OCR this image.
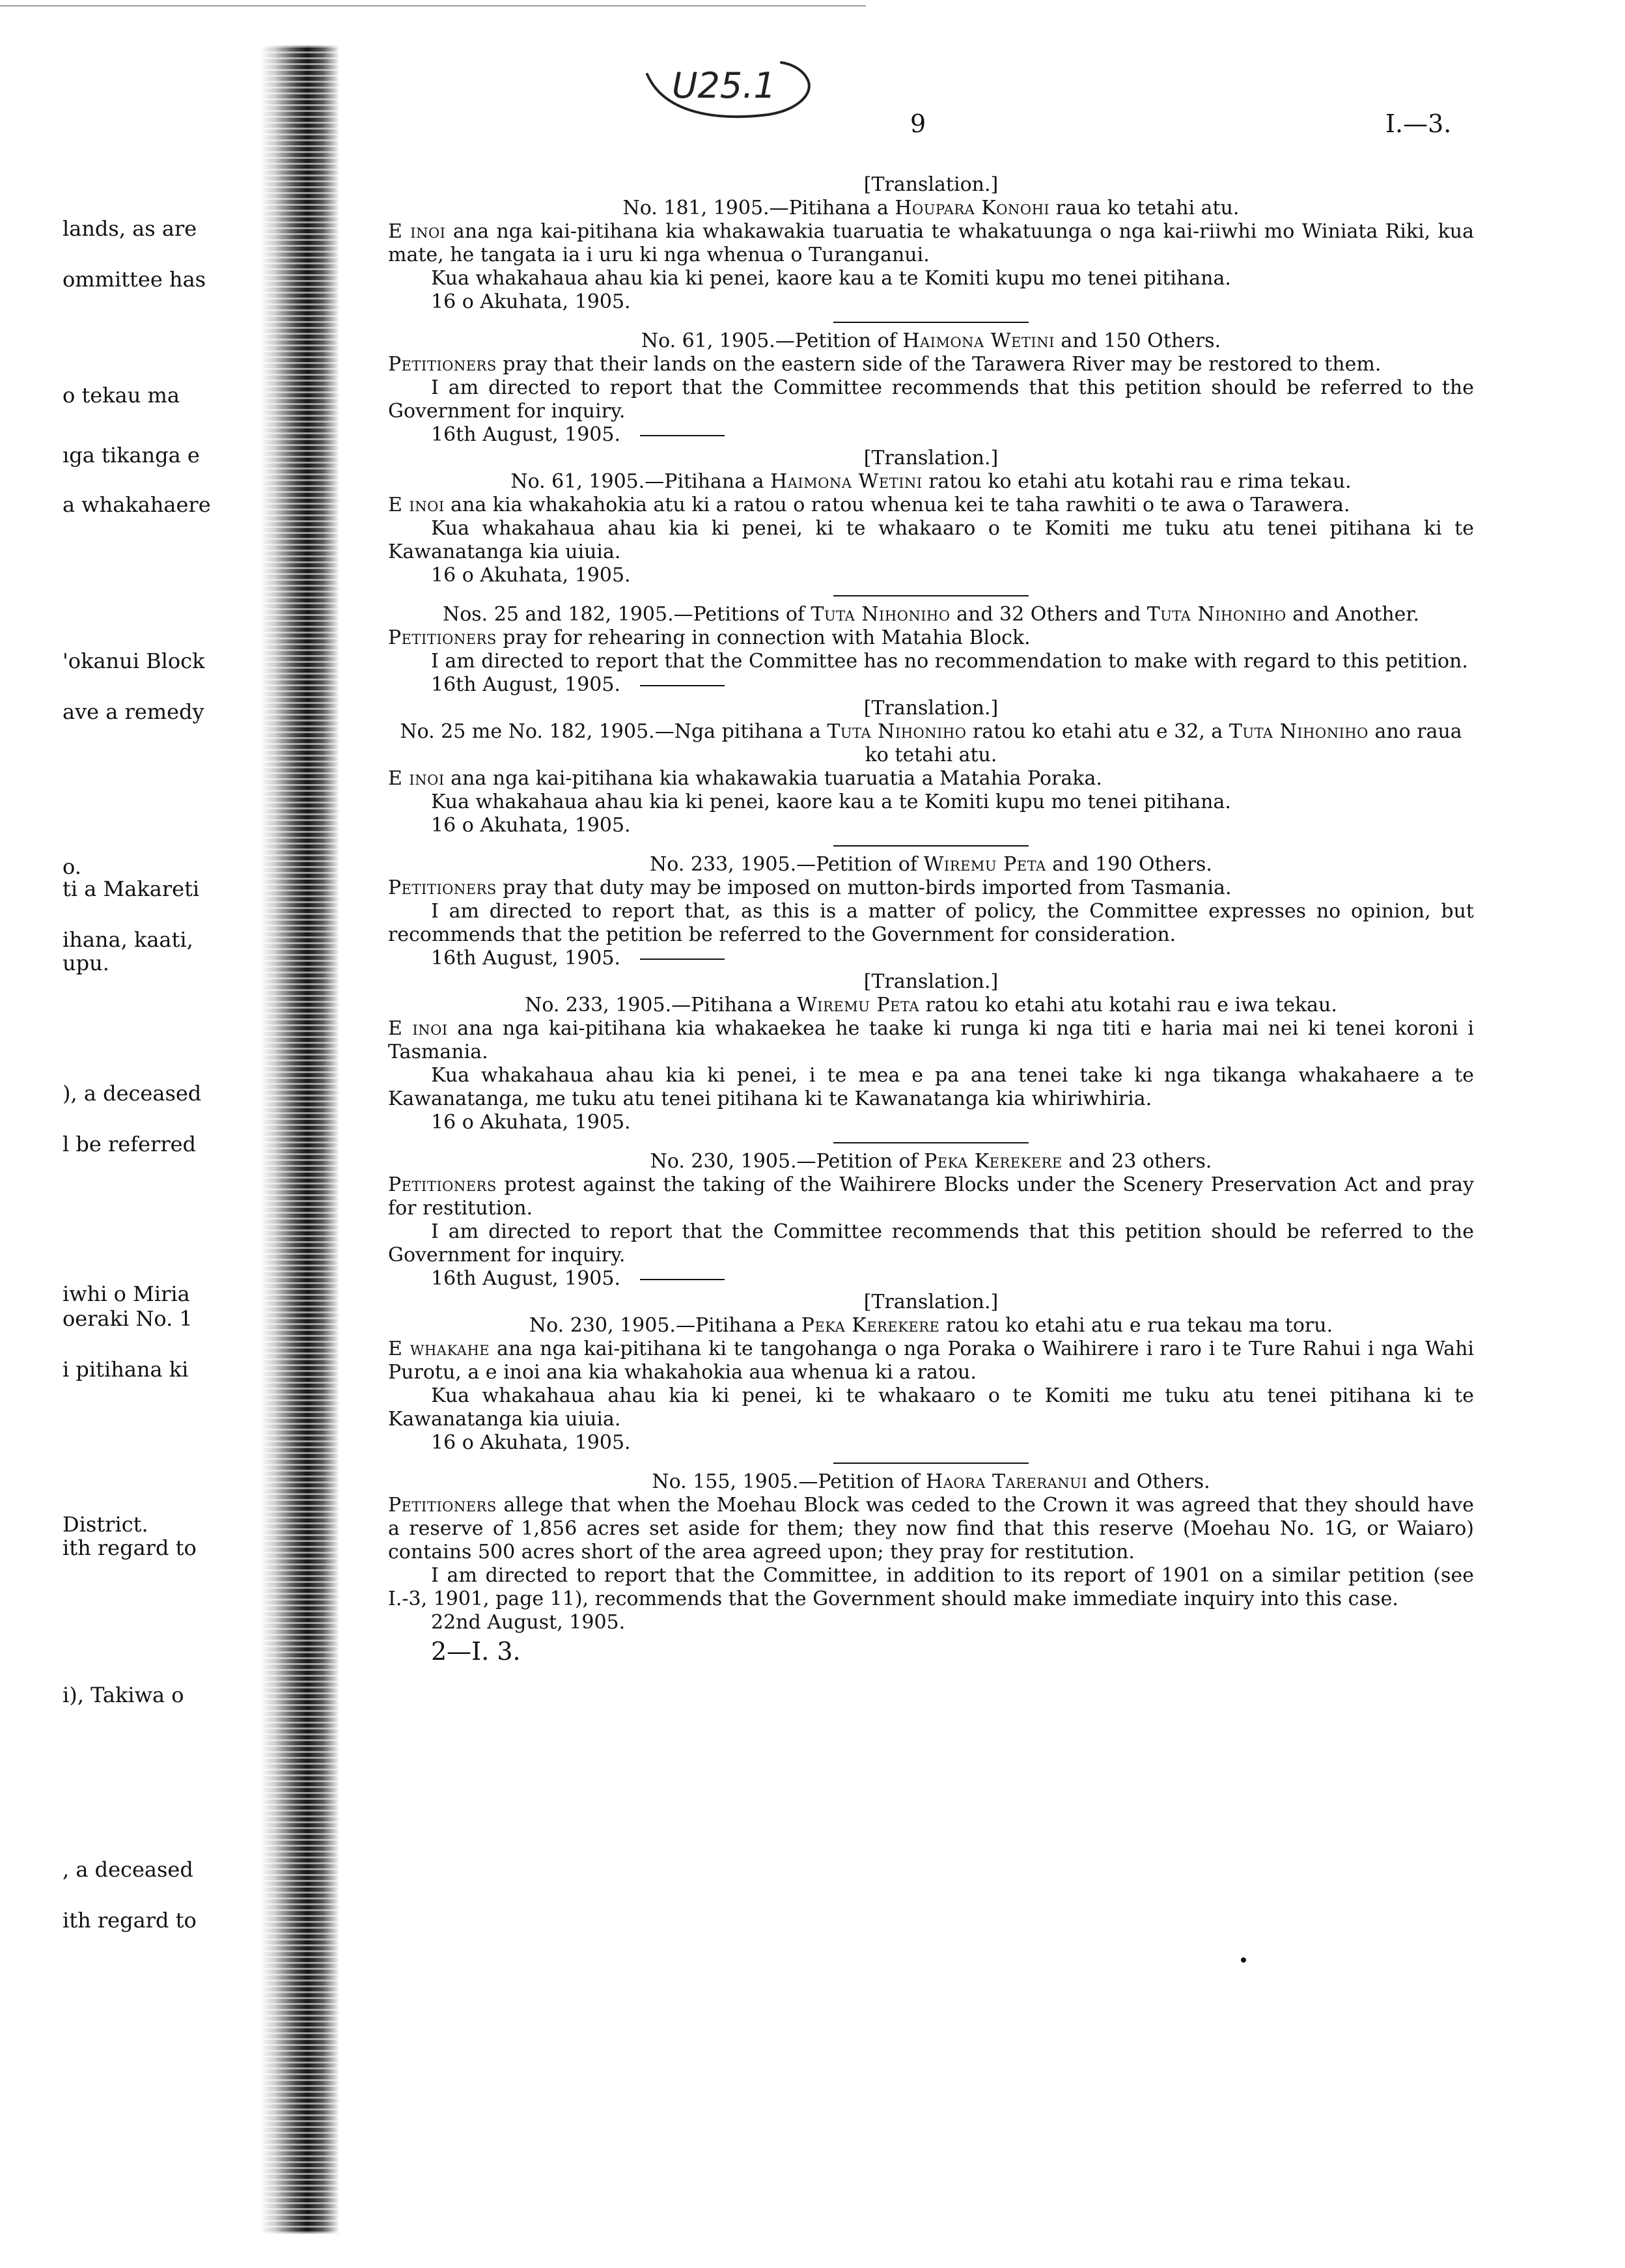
lands, as are
ommittee has
o tekau ma
ıga tikanga e
a whakahaere
'okanui Block
ave a remedy
o.
ti a Makareti
ihana, kaati,
upu.
), a deceased
l be referred
iwhi o Miria
oeraki No. 1
i pitihana ki
District.
ith regard to
i), Takiwa o
, a deceased
ith regard to
U25.1
9	I.—3.
[Translation.]
No. 181, 1905.—Pitihana a Houpara Konohi raua ko tetahi atu.
E inoi ana nga kai-pitihana kia whakawakia tuaruatia te whakatuunga o nga kai-riiwhi mo Winiata Riki, kua mate, he tangata ia i uru ki nga whenua o Turanganui.
Kua whakahaua ahau kia ki penei, kaore kau a te Komiti kupu mo tenei pitihana.
16 o Akuhata, 1905.
No. 61, 1905.—Petition of Haimona Wetini and 150 Others.
Petitioners pray that their lands on the eastern side of the Tarawera River may be restored to them.
I am directed to report that the Committee recommends that this petition should be referred to the Government for inquiry.
16th August, 1905.
[Translation.]
No. 61, 1905.—Pitihana a Haimona Wetini ratou ko etahi atu kotahi rau e rima tekau.
E inoi ana kia whakahokia atu ki a ratou o ratou whenua kei te taha rawhiti o te awa o Tarawera.
Kua whakahaua ahau kia ki penei, ki te whakaaro o te Komiti me tuku atu tenei pitihana ki te Kawanatanga kia uiuia.
16 o Akuhata, 1905.
Nos. 25 and 182, 1905.—Petitions of Tuta Nihoniho and 32 Others and Tuta Nihoniho and Another.
Petitioners pray for rehearing in connection with Matahia Block.
I am directed to report that the Committee has no recommendation to make with regard to this petition.
16th August, 1905.
[Translation.]
No. 25 me No. 182, 1905.—Nga pitihana a Tuta Nihoniho ratou ko etahi atu e 32, a Tuta Nihoniho ano raua ko tetahi atu.
E inoi ana nga kai-pitihana kia whakawakia tuaruatia a Matahia Poraka.
Kua whakahaua ahau kia ki penei, kaore kau a te Komiti kupu mo tenei pitihana.
16 o Akuhata, 1905.
No. 233, 1905.—Petition of Wiremu Peta and 190 Others.
Petitioners pray that duty may be imposed on mutton-birds imported from Tasmania.
I am directed to report that, as this is a matter of policy, the Committee expresses no opinion, but recommends that the petition be referred to the Government for consideration.
16th August, 1905.
[Translation.]
No. 233, 1905.—Pitihana a Wiremu Peta ratou ko etahi atu kotahi rau e iwa tekau.
E inoi ana nga kai-pitihana kia whakaekea he taake ki runga ki nga titi e haria mai nei ki tenei koroni i Tasmania.
Kua whakahaua ahau kia ki penei, i te mea e pa ana tenei take ki nga tikanga whakahaere a te Kawanatanga, me tuku atu tenei pitihana ki te Kawanatanga kia whiriwhiria.
16 o Akuhata, 1905.
No. 230, 1905.—Petition of Peka Kerekere and 23 others.
Petitioners protest against the taking of the Waihirere Blocks under the Scenery Preservation Act and pray for restitution.
I am directed to report that the Committee recommends that this petition should be referred to the Government for inquiry.
16th August, 1905.
[Translation.]
No. 230, 1905.—Pitihana a Peka Kerekere ratou ko etahi atu e rua tekau ma toru.
E whakahe ana nga kai-pitihana ki te tangohanga o nga Poraka o Waihirere i raro i te Ture Rahui i nga Wahi Purotu, a e inoi ana kia whakahokia aua whenua ki a ratou.
Kua whakahaua ahau kia ki penei, ki te whakaaro o te Komiti me tuku atu tenei pitihana ki te Kawanatanga kia uiuia.
16 o Akuhata, 1905.
No. 155, 1905.—Petition of Haora Tareranui and Others.
Petitioners allege that when the Moehau Block was ceded to the Crown it was agreed that they should have a reserve of 1,856 acres set aside for them; they now find that this reserve (Moehau No. 1G, or Waiaro) contains 500 acres short of the area agreed upon; they pray for restitution.
I am directed to report that the Committee, in addition to its report of 1901 on a similar petition (see I.-3, 1901, page 11), recommends that the Government should make immediate inquiry into this case.
22nd August, 1905.
2—I. 3.
